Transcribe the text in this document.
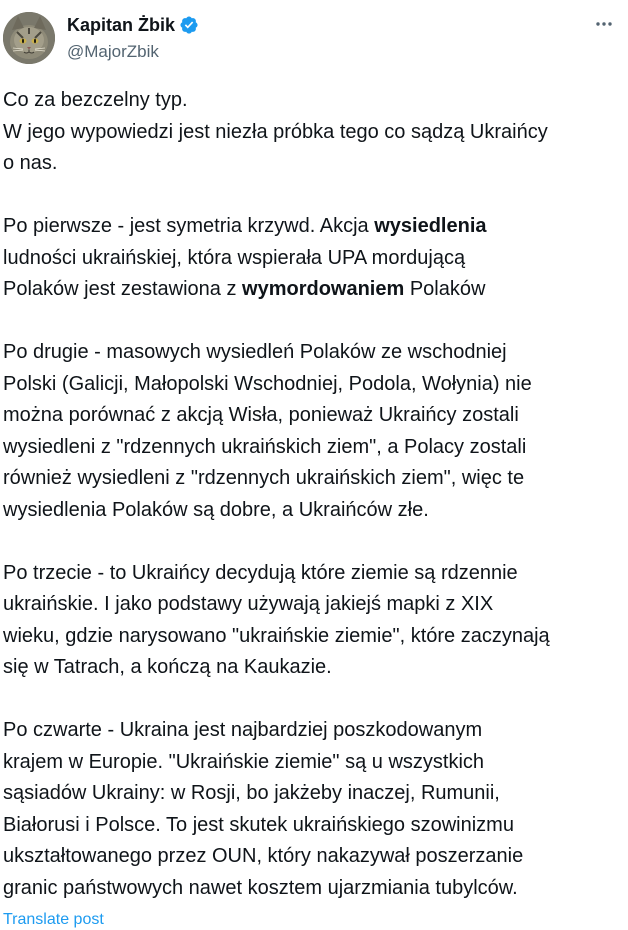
Kapitan Żbik
@MajorZbik

Co za bezczelny typ.
W jego wypowiedzi jest niezła próbka tego co sądzą Ukraińcy
o nas.

Po pierwsze - jest symetria krzywd. Akcja wysiedlenia
ludności ukraińskiej, która wspierała UPA mordującą
Polaków jest zestawiona z wymordowaniem Polaków

Po drugie - masowych wysiedleń Polaków ze wschodniej
Polski (Galicji, Małopolski Wschodniej, Podola, Wołynia) nie
można porównać z akcją Wisła, ponieważ Ukraińcy zostali
wysiedleni z "rdzennych ukraińskich ziem", a Polacy zostali
również wysiedleni z "rdzennych ukraińskich ziem", więc te
wysiedlenia Polaków są dobre, a Ukraińców złe.

Po trzecie - to Ukraińcy decydują które ziemie są rdzennie
ukraińskie. I jako podstawy używają jakiejś mapki z XIX
wieku, gdzie narysowano "ukraińskie ziemie", które zaczynają
się w Tatrach, a kończą na Kaukazie.

Po czwarte - Ukraina jest najbardziej poszkodowanym
krajem w Europie. "Ukraińskie ziemie" są u wszystkich
sąsiadów Ukrainy: w Rosji, bo jakżeby inaczej, Rumunii,
Białorusi i Polsce. To jest skutek ukraińskiego szowinizmu
ukształtowanego przez OUN, który nakazywał poszerzanie
granic państwowych nawet kosztem ujarzmiania tubylców.

Translate post
